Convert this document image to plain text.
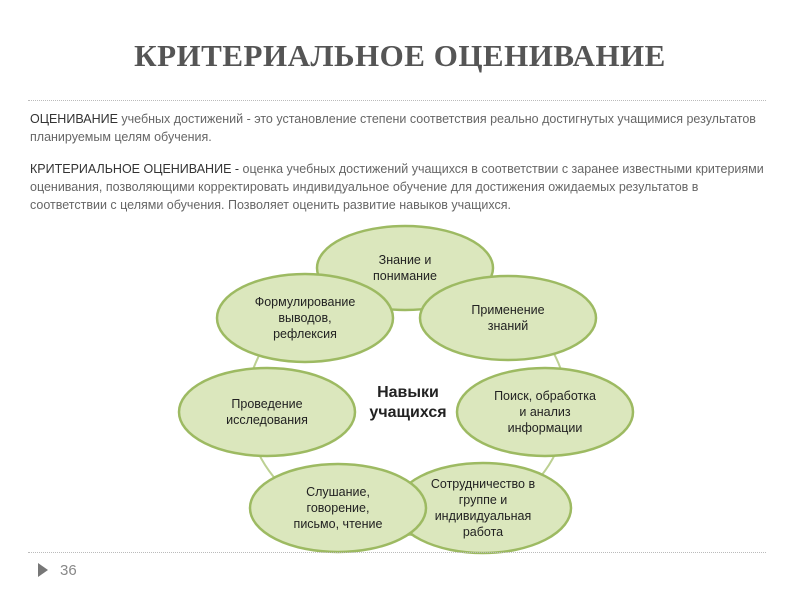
КРИТЕРИАЛЬНОЕ ОЦЕНИВАНИЕ
ОЦЕНИВАНИЕ учебных достижений - это установление степени соответствия реально достигнутых учащимися результатов планируемым целям обучения.
КРИТЕРИАЛЬНОЕ ОЦЕНИВАНИЕ - оценка учебных достижений учащихся в соответствии с заранее известными критериями оценивания, позволяющими корректировать индивидуальное обучение для достижения ожидаемых результатов в соответствии с целями обучения. Позволяет оценить развитие навыков учащихся.
Знание и понимание
Применение знаний
Поиск, обработка и анализ информации
Сотрудничество в группе и индивидуальная работа
Слушание, говорение, письмо, чтение
Проведение исследования
Формулирование выводов, рефлексия
Навыки учащихся
36
